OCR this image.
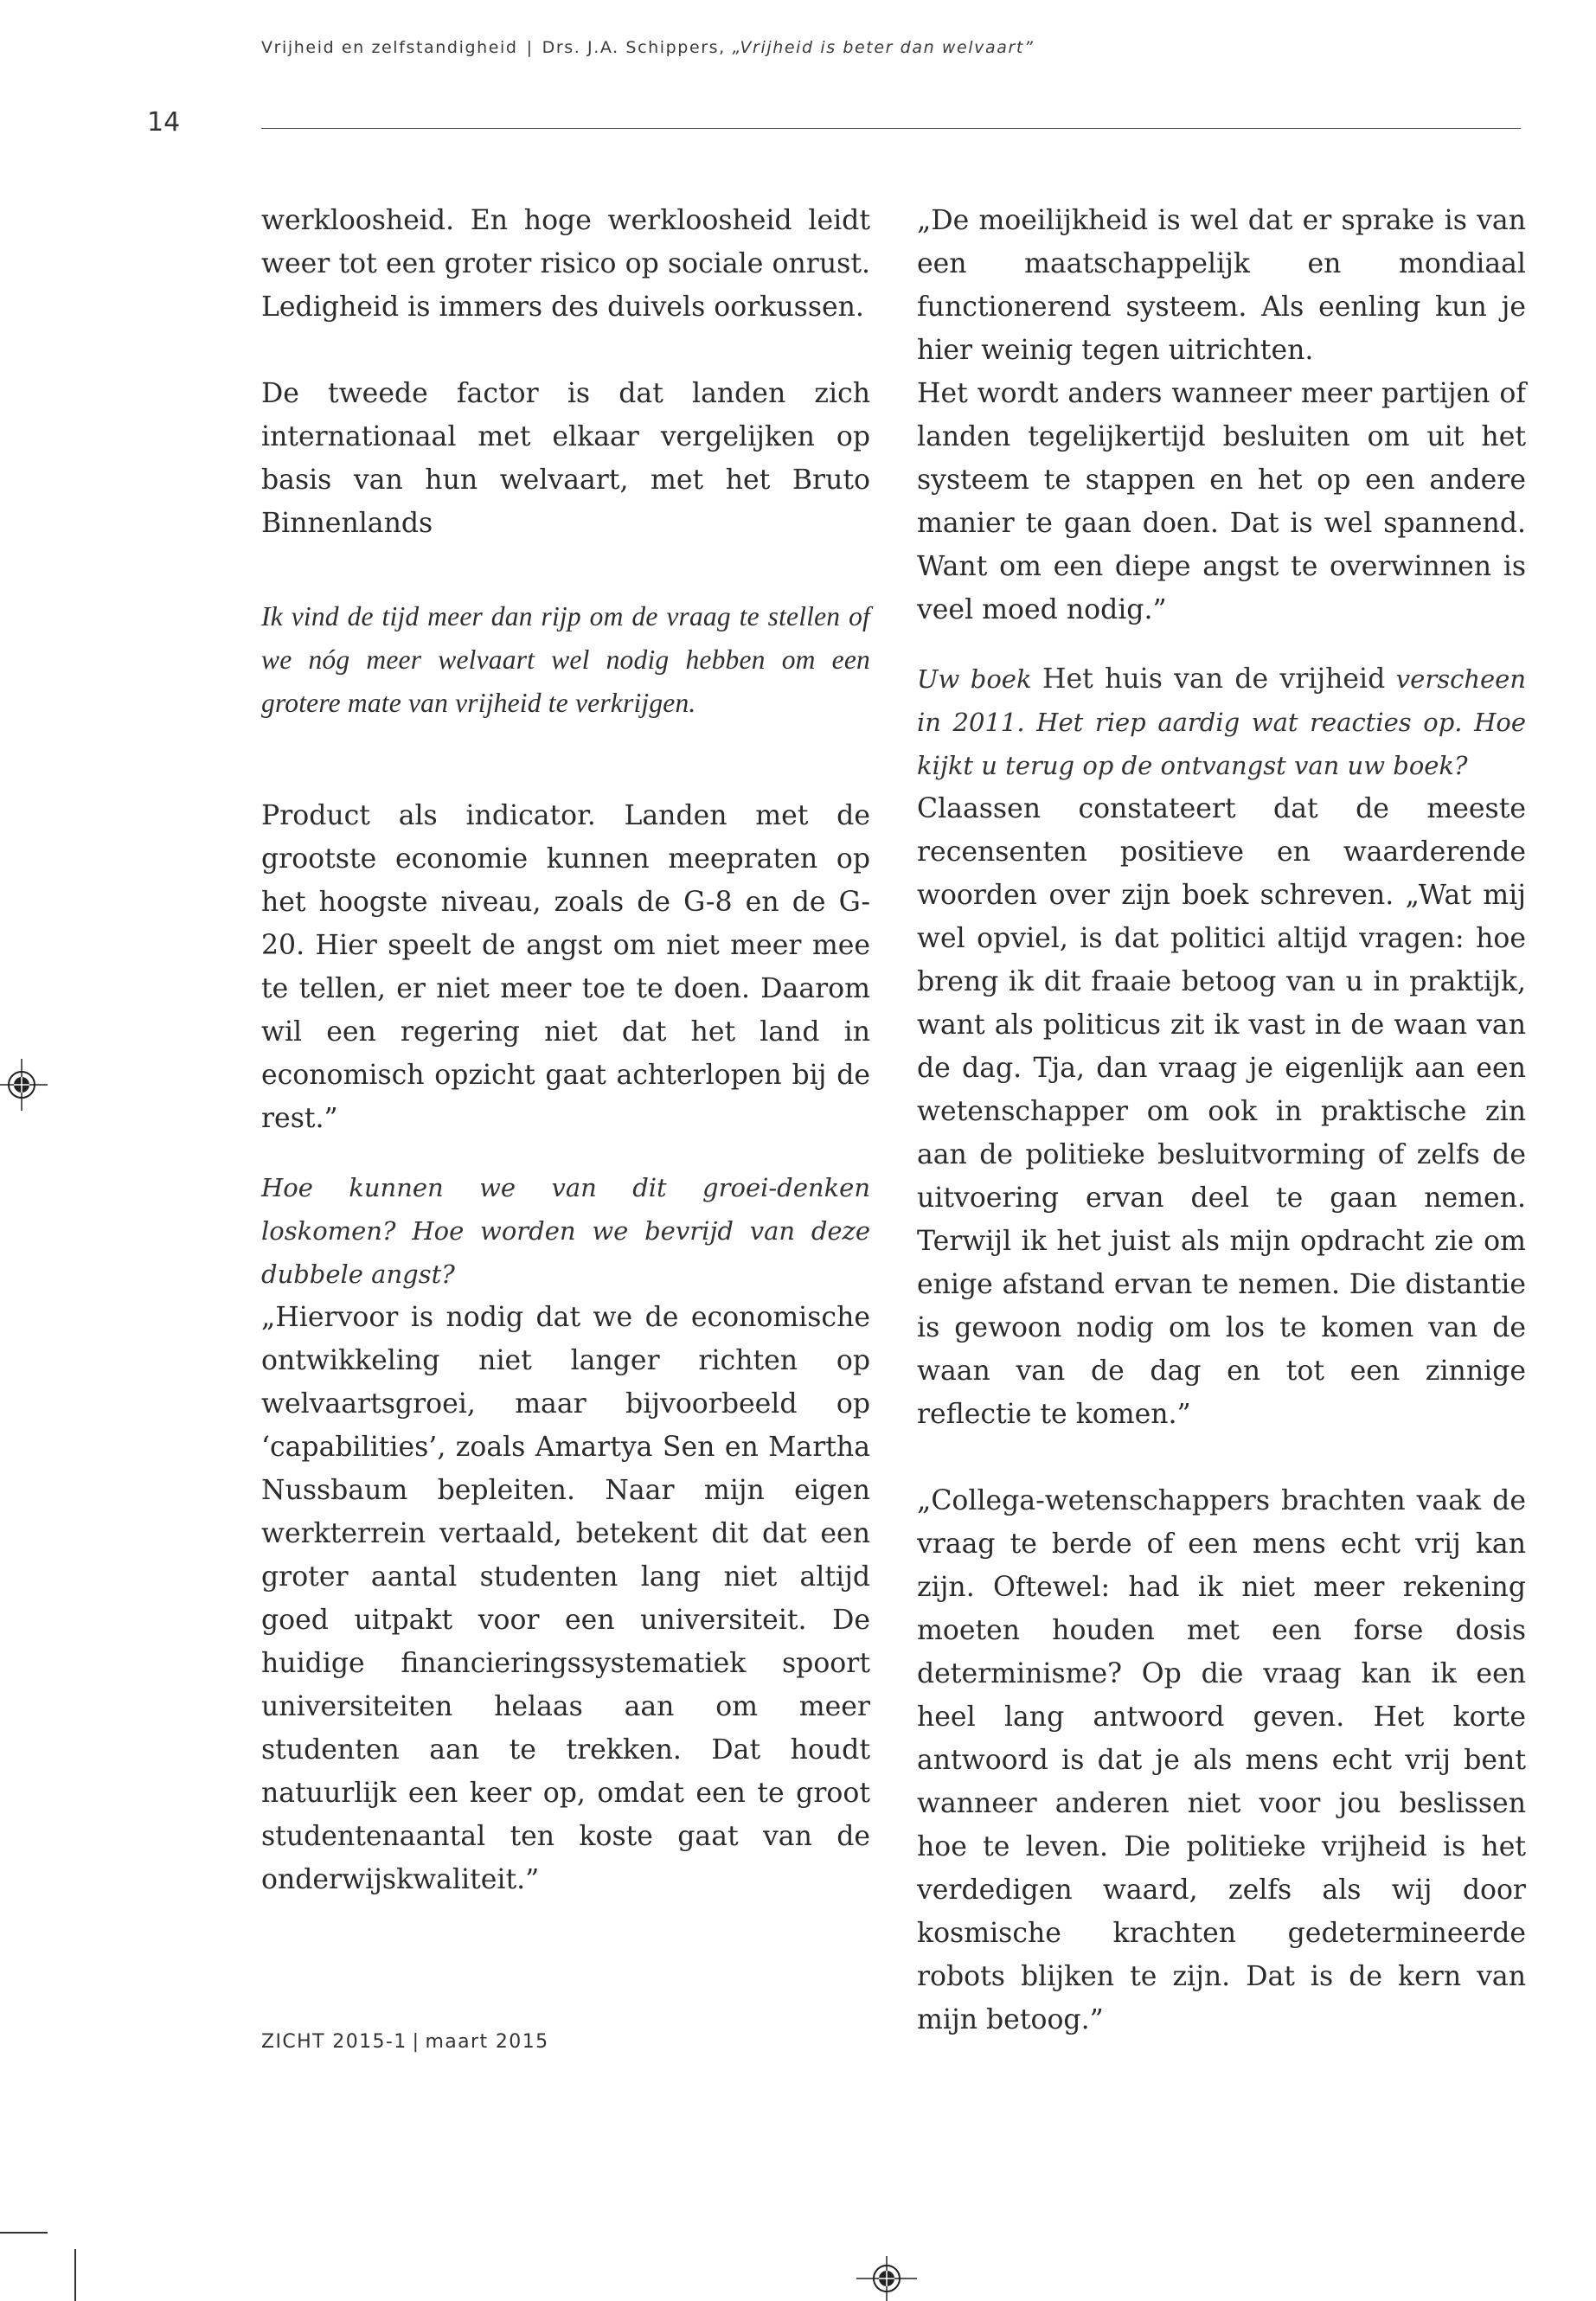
Vrijheid en zelfstandigheid | Drs. J.A. Schippers, „Vrijheid is beter dan welvaart”
14

werkloosheid. En hoge werkloosheid leidt weer tot een groter risico op sociale onrust. Ledigheid is immers des duivels oorkussen.

De tweede factor is dat landen zich internationaal met elkaar vergelijken op basis van hun welvaart, met het Bruto Binnenlands

Ik vind de tijd meer dan rijp om de vraag te stellen of we nóg meer welvaart wel nodig hebben om een grotere mate van vrijheid te verkrijgen.

Product als indicator. Landen met de grootste economie kunnen meepraten op het hoogste niveau, zoals de G-8 en de G-20. Hier speelt de angst om niet meer mee te tellen, er niet meer toe te doen. Daarom wil een regering niet dat het land in economisch opzicht gaat achterlopen bij de rest.”

Hoe kunnen we van dit groei-denken loskomen? Hoe worden we bevrijd van deze dubbele angst?

„Hiervoor is nodig dat we de economische ontwikkeling niet langer richten op welvaartsgroei, maar bijvoorbeeld op ‘capabilities’, zoals Amartya Sen en Martha Nussbaum bepleiten. Naar mijn eigen werkterrein vertaald, betekent dit dat een groter aantal studenten lang niet altijd goed uitpakt voor een universiteit. De huidige financieringssystematiek spoort universiteiten helaas aan om meer studenten aan te trekken. Dat houdt natuurlijk een keer op, omdat een te groot studentenaantal ten koste gaat van de onderwijskwaliteit.”

„De moeilijkheid is wel dat er sprake is van een maatschappelijk en mondiaal functionerend systeem. Als eenling kun je hier weinig tegen uitrichten.

Het wordt anders wanneer meer partijen of landen tegelijkertijd besluiten om uit het systeem te stappen en het op een andere manier te gaan doen. Dat is wel spannend. Want om een diepe angst te overwinnen is veel moed nodig.”

Uw boek Het huis van de vrijheid verscheen in 2011. Het riep aardig wat reacties op. Hoe kijkt u terug op de ontvangst van uw boek?

Claassen constateert dat de meeste recensenten positieve en waarderende woorden over zijn boek schreven. „Wat mij wel opviel, is dat politici altijd vragen: hoe breng ik dit fraaie betoog van u in praktijk, want als politicus zit ik vast in de waan van de dag. Tja, dan vraag je eigenlijk aan een wetenschapper om ook in praktische zin aan de politieke besluitvorming of zelfs de uitvoering ervan deel te gaan nemen. Terwijl ik het juist als mijn opdracht zie om enige afstand ervan te nemen. Die distantie is gewoon nodig om los te komen van de waan van de dag en tot een zinnige reflectie te komen.”

„Collega-wetenschappers brachten vaak de vraag te berde of een mens echt vrij kan zijn. Oftewel: had ik niet meer rekening moeten houden met een forse dosis determinisme? Op die vraag kan ik een heel lang antwoord geven. Het korte antwoord is dat je als mens echt vrij bent wanneer anderen niet voor jou beslissen hoe te leven. Die politieke vrijheid is het verdedigen waard, zelfs als wij door kosmische krachten gedetermineerde robots blijken te zijn. Dat is de kern van mijn betoog.”

ZICHT 2015-1 | maart 2015
